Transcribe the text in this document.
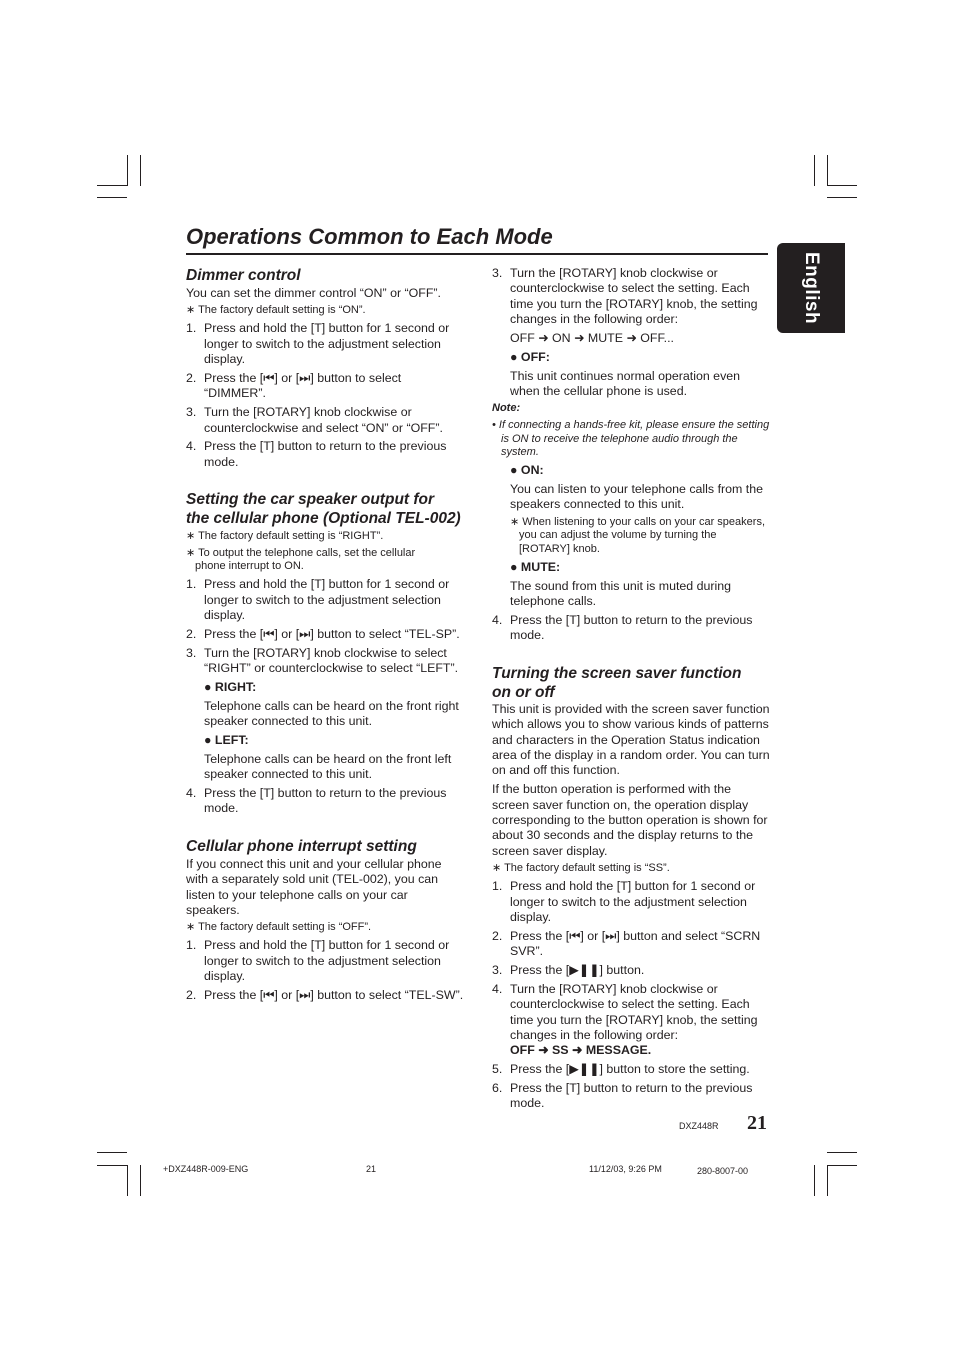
Operations Common to Each Mode
English
Dimmer control

You can set the dimmer control “ON” or “OFF”.

∗ The factory default setting is “ON”.

1. Press and hold the [T] button for 1 second or longer to switch to the adjustment selection display.
2. Press the [⏮] or [⏭] button to select “DIMMER”.
3. Turn the [ROTARY] knob clockwise or counterclockwise and select “ON” or “OFF”.
4. Press the [T] button to return to the previous mode.
Setting the car speaker output for
the cellular phone (Optional TEL-002)

∗ The factory default setting is “RIGHT”.

∗ To output the telephone calls, set the cellular
phone interrupt to ON.

1. Press and hold the [T] button for 1 second or longer to switch to the adjustment selection display.
2. Press the [⏮] or [⏭] button to select “TEL-SP”.
3. Turn the [ROTARY] knob clockwise to select “RIGHT” or counterclockwise to select “LEFT”.
● RIGHT:
Telephone calls can be heard on the front right speaker connected to this unit.
● LEFT:
Telephone calls can be heard on the front left speaker connected to this unit.
4. Press the [T] button to return to the previous mode.
Cellular phone interrupt setting

If you connect this unit and your cellular phone with a separately sold unit (TEL-002), you can listen to your telephone calls on your car speakers.

∗ The factory default setting is “OFF”.

1. Press and hold the [T] button for 1 second or longer to switch to the adjustment selection display.
2. Press the [⏮] or [⏭] button to select “TEL-SW”.
3. Turn the [ROTARY] knob clockwise or counterclockwise to select the setting. Each time you turn the [ROTARY] knob, the setting changes in the following order:
OFF ➜ ON ➜ MUTE ➜ OFF...
● OFF:
This unit continues normal operation even when the cellular phone is used.

Note:

• If connecting a hands-free kit, please ensure the setting is ON to receive the telephone audio through the system.

● ON:
You can listen to your telephone calls from the speakers connected to this unit.

∗ When listening to your calls on your car speakers, you can adjust the volume by turning the [ROTARY] knob.

● MUTE:
The sound from this unit is muted during telephone calls.
4. Press the [T] button to return to the previous mode.
Turning the screen saver function
on or off

This unit is provided with the screen saver function which allows you to show various kinds of patterns and characters in the Operation Status indication area of the display in a random order. You can turn on and off this function.

If the button operation is performed with the screen saver function on, the operation display corresponding to the button operation is shown for about 30 seconds and the display returns to the screen saver display.

∗ The factory default setting is “SS”.

1. Press and hold the [T] button for 1 second or longer to switch to the adjustment selection display.
2. Press the [⏮] or [⏭] button and select “SCRN SVR”.
3. Press the [▶❚❚] button.
4. Turn the [ROTARY] knob clockwise or counterclockwise to select the setting. Each time you turn the [ROTARY] knob, the setting changes in the following order:
OFF ➜ SS ➜ MESSAGE.
5. Press the [▶❚❚] button to store the setting.
6. Press the [T] button to return to the previous mode.
DXZ448R 21
+DXZ448R-009-ENG	21	11/12/03, 9:26 PM	280-8007-00
